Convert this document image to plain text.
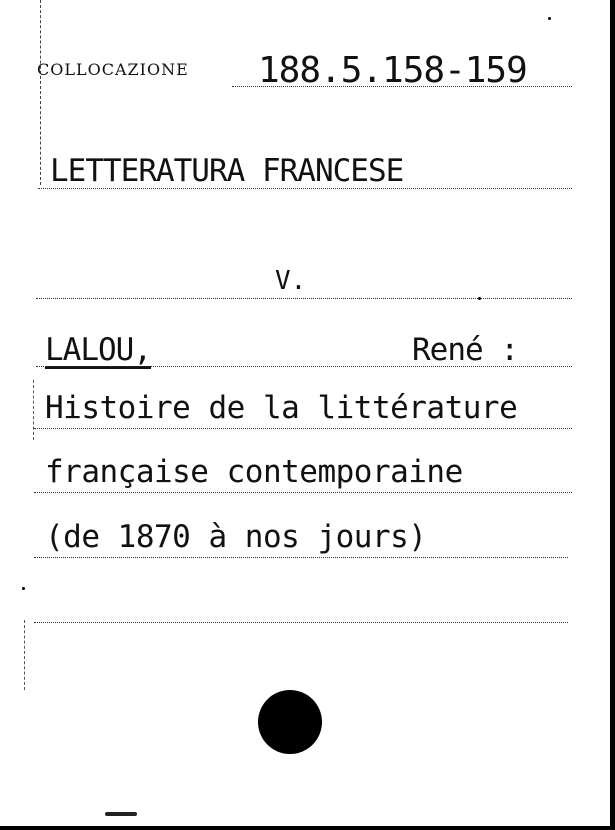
COLLOCAZIONE 188.5.158-159
LETTERATURA FRANCESE
V.
LALOU,	René :
Histoire de la littérature
française contemporaine
(de 1870 à nos jours)
